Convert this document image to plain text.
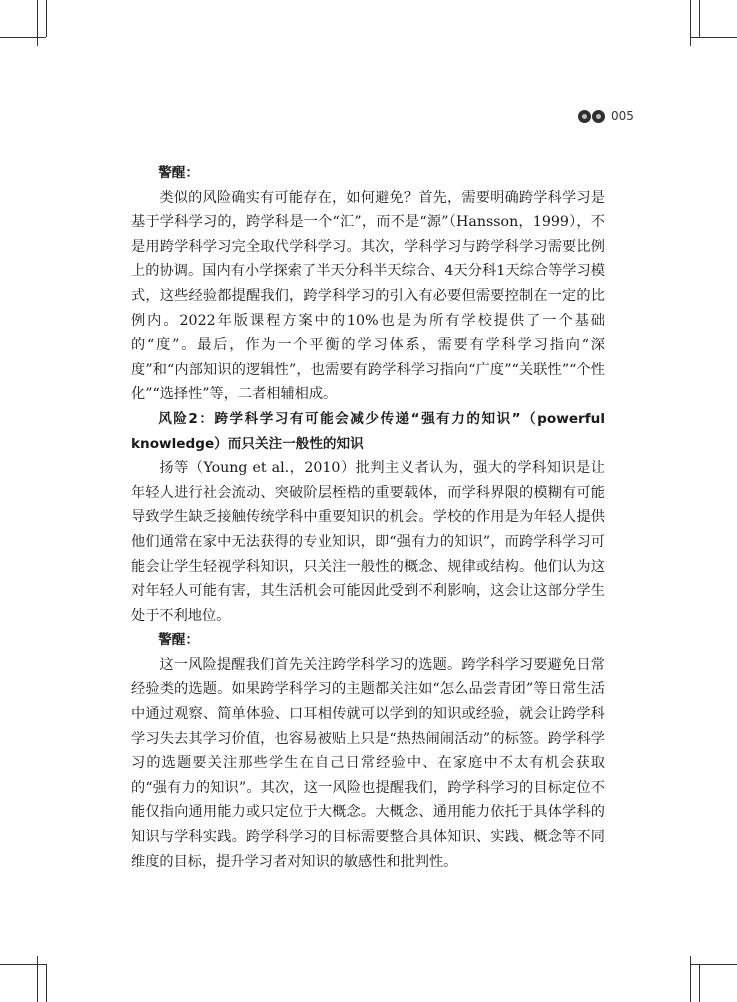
005

警醒：

类似的风险确实有可能存在，如何避免？首先，需要明确跨学科学习是基于学科学习的，跨学科是一个“汇”，而不是“源”（Hansson，1999），不是用跨学科学习完全取代学科学习。其次，学科学习与跨学科学习需要比例上的协调。国内有小学探索了半天分科半天综合、4天分科1天综合等学习模式，这些经验都提醒我们，跨学科学习的引入有必要但需要控制在一定的比例内。2022年版课程方案中的10%也是为所有学校提供了一个基础的“度”。最后，作为一个平衡的学习体系，需要有学科学习指向“深度”和“内部知识的逻辑性”，也需要有跨学科学习指向“广度”“关联性”“个性化”“选择性”等，二者相辅相成。

风险2：跨学科学习有可能会减少传递“强有力的知识”（powerful knowledge）而只关注一般性的知识

扬等（Young et al.，2010）批判主义者认为，强大的学科知识是让年轻人进行社会流动、突破阶层桎梏的重要载体，而学科界限的模糊有可能导致学生缺乏接触传统学科中重要知识的机会。学校的作用是为年轻人提供他们通常在家中无法获得的专业知识，即“强有力的知识”，而跨学科学习可能会让学生轻视学科知识，只关注一般性的概念、规律或结构。他们认为这对年轻人可能有害，其生活机会可能因此受到不利影响，这会让这部分学生处于不利地位。

警醒：

这一风险提醒我们首先关注跨学科学习的选题。跨学科学习要避免日常经验类的选题。如果跨学科学习的主题都关注如“怎么品尝青团”等日常生活中通过观察、简单体验、口耳相传就可以学到的知识或经验，就会让跨学科学习失去其学习价值，也容易被贴上只是“热热闹闹活动”的标签。跨学科学习的选题要关注那些学生在自己日常经验中、在家庭中不太有机会获取的“强有力的知识”。其次，这一风险也提醒我们，跨学科学习的目标定位不能仅指向通用能力或只定位于大概念。大概念、通用能力依托于具体学科的知识与学科实践。跨学科学习的目标需要整合具体知识、实践、概念等不同维度的目标，提升学习者对知识的敏感性和批判性。
